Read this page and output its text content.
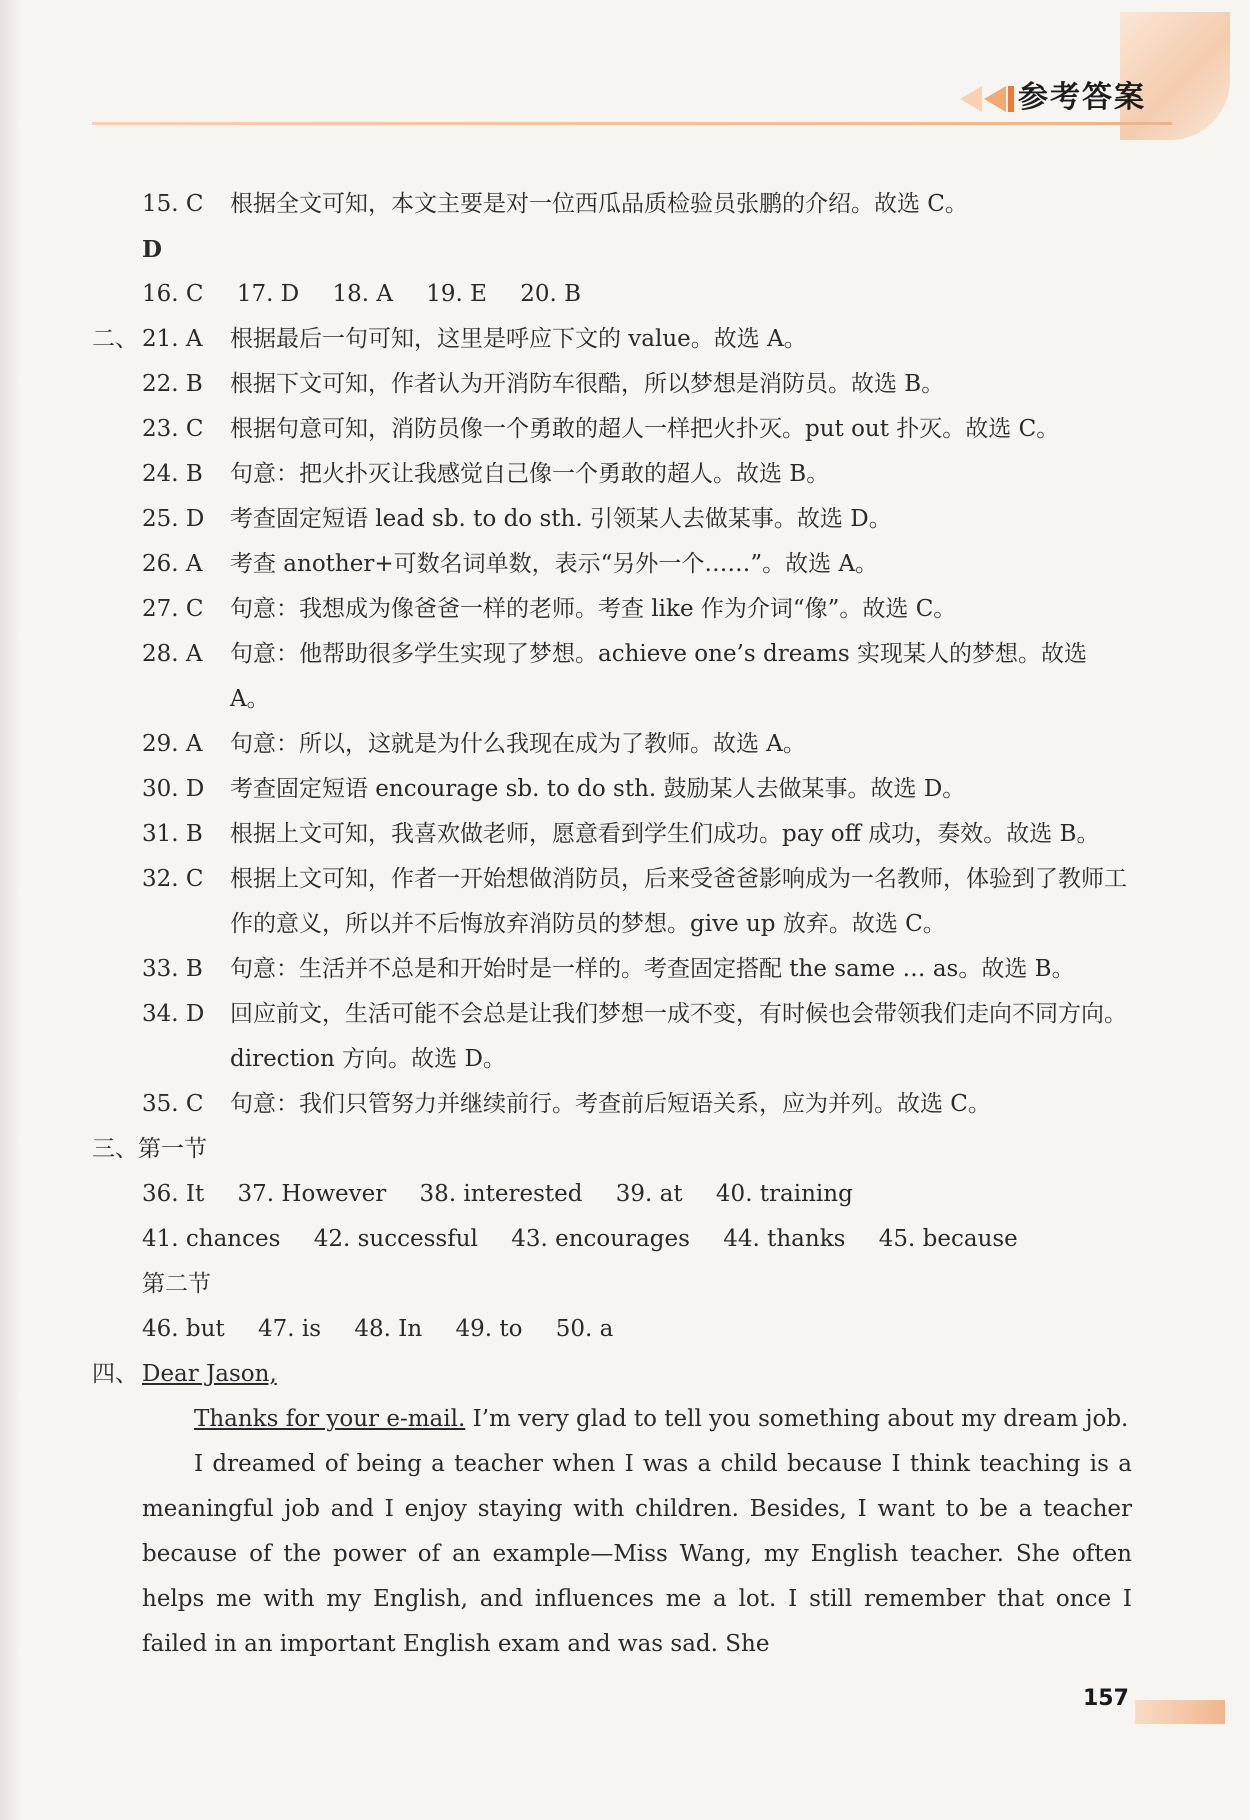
参考答案
15. C	根据全文可知，本文主要是对一位西瓜品质检验员张鹏的介绍。故选 C。
D
16. C 17. D 18. A 19. E 20. B
二、 21. A	根据最后一句可知，这里是呼应下文的 value。故选 A。
22. B	根据下文可知，作者认为开消防车很酷，所以梦想是消防员。故选 B。
23. C	根据句意可知，消防员像一个勇敢的超人一样把火扑灭。put out 扑灭。故选 C。
24. B	句意：把火扑灭让我感觉自己像一个勇敢的超人。故选 B。
25. D	考查固定短语 lead sb. to do sth. 引领某人去做某事。故选 D。
26. A	考查 another+可数名词单数，表示“另外一个……”。故选 A。
27. C	句意：我想成为像爸爸一样的老师。考查 like 作为介词“像”。故选 C。
28. A	句意：他帮助很多学生实现了梦想。achieve one’s dreams 实现某人的梦想。故选 A。
29. A	句意：所以，这就是为什么我现在成为了教师。故选 A。
30. D	考查固定短语 encourage sb. to do sth. 鼓励某人去做某事。故选 D。
31. B	根据上文可知，我喜欢做老师，愿意看到学生们成功。pay off 成功，奏效。故选 B。
32. C	根据上文可知，作者一开始想做消防员，后来受爸爸影响成为一名教师，体验到了教师工作的意义，所以并不后悔放弃消防员的梦想。give up 放弃。故选 C。
33. B	句意：生活并不总是和开始时是一样的。考查固定搭配 the same … as。故选 B。
34. D	回应前文，生活可能不会总是让我们梦想一成不变，有时候也会带领我们走向不同方向。direction 方向。故选 D。
35. C	句意：我们只管努力并继续前行。考查前后短语关系，应为并列。故选 C。
三、第一节
36. It 37. However 38. interested 39. at 40. training
41. chances 42. successful 43. encourages 44. thanks 45. because
第二节
46. but 47. is 48. In 49. to 50. a
四、 Dear Jason,
Thanks for your e-mail. I’m very glad to tell you something about my dream job.
I dreamed of being a teacher when I was a child because I think teaching is a meaningful job and I enjoy staying with children. Besides, I want to be a teacher because of the power of an example—Miss Wang, my English teacher. She often helps me with my English, and influences me a lot. I still remember that once I failed in an important English exam and was sad. She
157
